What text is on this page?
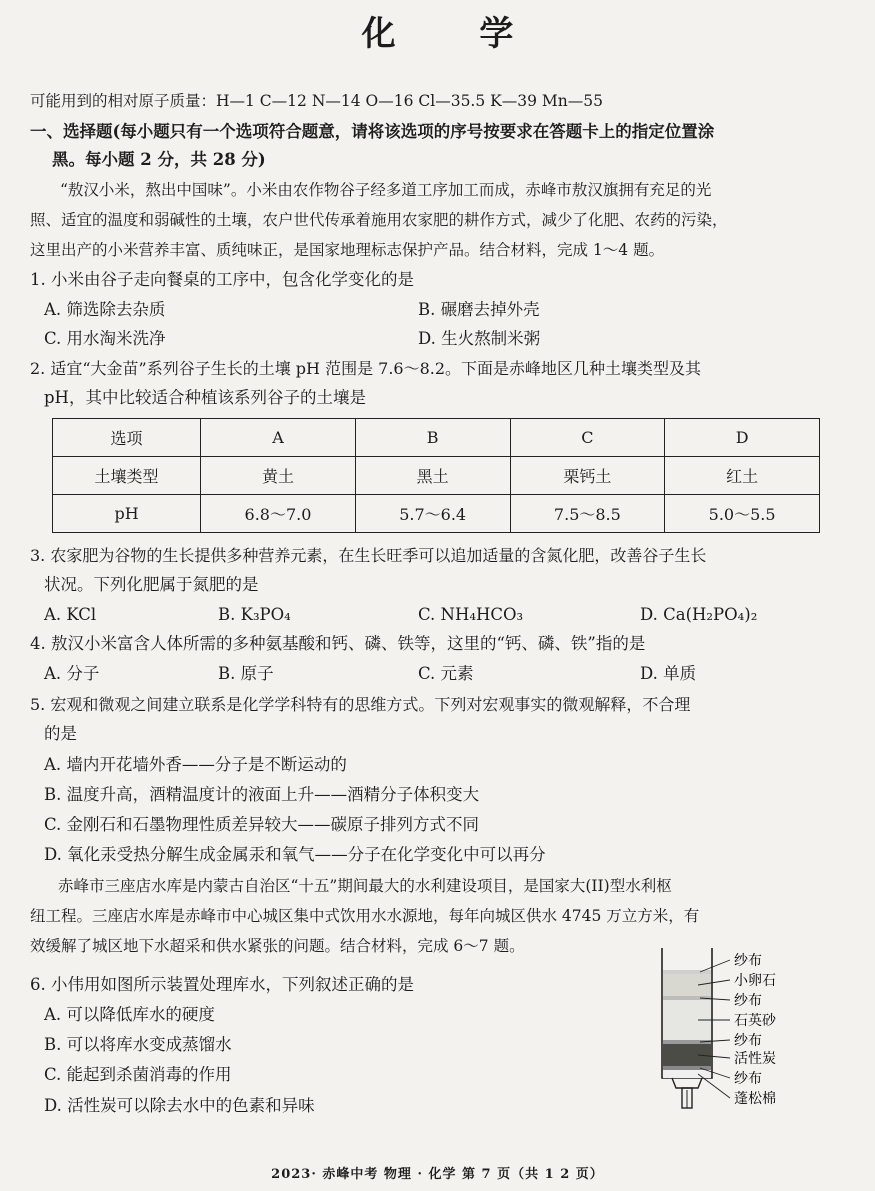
化 学
可能用到的相对原子质量：H—1 C—12 N—14 O—16 Cl—35.5 K—39 Mn—55
一、选择题(每小题只有一个选项符合题意，请将该选项的序号按要求在答题卡上的指定位置涂
黑。每小题 2 分，共 28 分)
“敖汉小米，熬出中国味”。小米由农作物谷子经多道工序加工而成，赤峰市敖汉旗拥有充足的光
照、适宜的温度和弱碱性的土壤，农户世代传承着施用农家肥的耕作方式，减少了化肥、农药的污染，
这里出产的小米营养丰富、质纯味正，是国家地理标志保护产品。结合材料，完成 1～4 题。
1. 小米由谷子走向餐桌的工序中，包含化学变化的是
A. 筛选除去杂质	B. 碾磨去掉外壳
C. 用水淘米洗净	D. 生火熬制米粥
2. 适宜“大金苗”系列谷子生长的土壤 pH 范围是 7.6～8.2。下面是赤峰地区几种土壤类型及其
pH，其中比较适合种植该系列谷子的土壤是
选项	A	B	C	D
土壤类型	黄土	黑土	栗钙土	红土
pH	6.8～7.0	5.7～6.4	7.5～8.5	5.0～5.5
3. 农家肥为谷物的生长提供多种营养元素，在生长旺季可以追加适量的含氮化肥，改善谷子生长
状况。下列化肥属于氮肥的是
A. KCl	B. K₃PO₄	C. NH₄HCO₃	D. Ca(H₂PO₄)₂
4. 敖汉小米富含人体所需的多种氨基酸和钙、磷、铁等，这里的“钙、磷、铁”指的是
A. 分子	B. 原子	C. 元素	D. 单质
5. 宏观和微观之间建立联系是化学学科特有的思维方式。下列对宏观事实的微观解释，不合理
的是
A. 墙内开花墙外香——分子是不断运动的
B. 温度升高，酒精温度计的液面上升——酒精分子体积变大
C. 金刚石和石墨物理性质差异较大——碳原子排列方式不同
D. 氧化汞受热分解生成金属汞和氧气——分子在化学变化中可以再分
赤峰市三座店水库是内蒙古自治区“十五”期间最大的水利建设项目，是国家大(II)型水利枢
纽工程。三座店水库是赤峰市中心城区集中式饮用水水源地，每年向城区供水 4745 万立方米，有
效缓解了城区地下水超采和供水紧张的问题。结合材料，完成 6～7 题。
6. 小伟用如图所示装置处理库水，下列叙述正确的是
A. 可以降低库水的硬度
B. 可以将库水变成蒸馏水
C. 能起到杀菌消毒的作用
D. 活性炭可以除去水中的色素和异味
纱布
小卵石
纱布
石英砂
纱布
活性炭
纱布
蓬松棉
2023· 赤峰中考 物理 · 化学 第 7 页（共 1 2 页）
